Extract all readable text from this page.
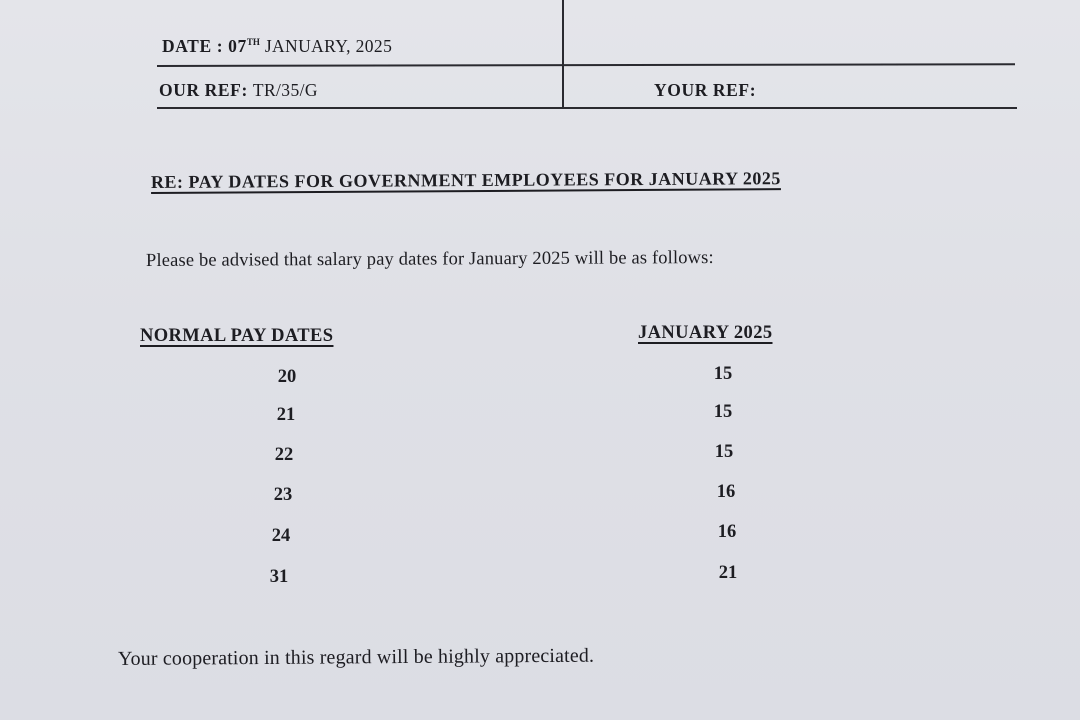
DATE : 07TH JANUARY, 2025
OUR REF: TR/35/G	YOUR REF:
RE: PAY DATES FOR GOVERNMENT EMPLOYEES FOR JANUARY 2025
Please be advised that salary pay dates for January 2025 will be as follows:
NORMAL PAY DATES	JANUARY 2025
20	15
21	15
22	15
23	16
24	16
31	21
Your cooperation in this regard will be highly appreciated.
